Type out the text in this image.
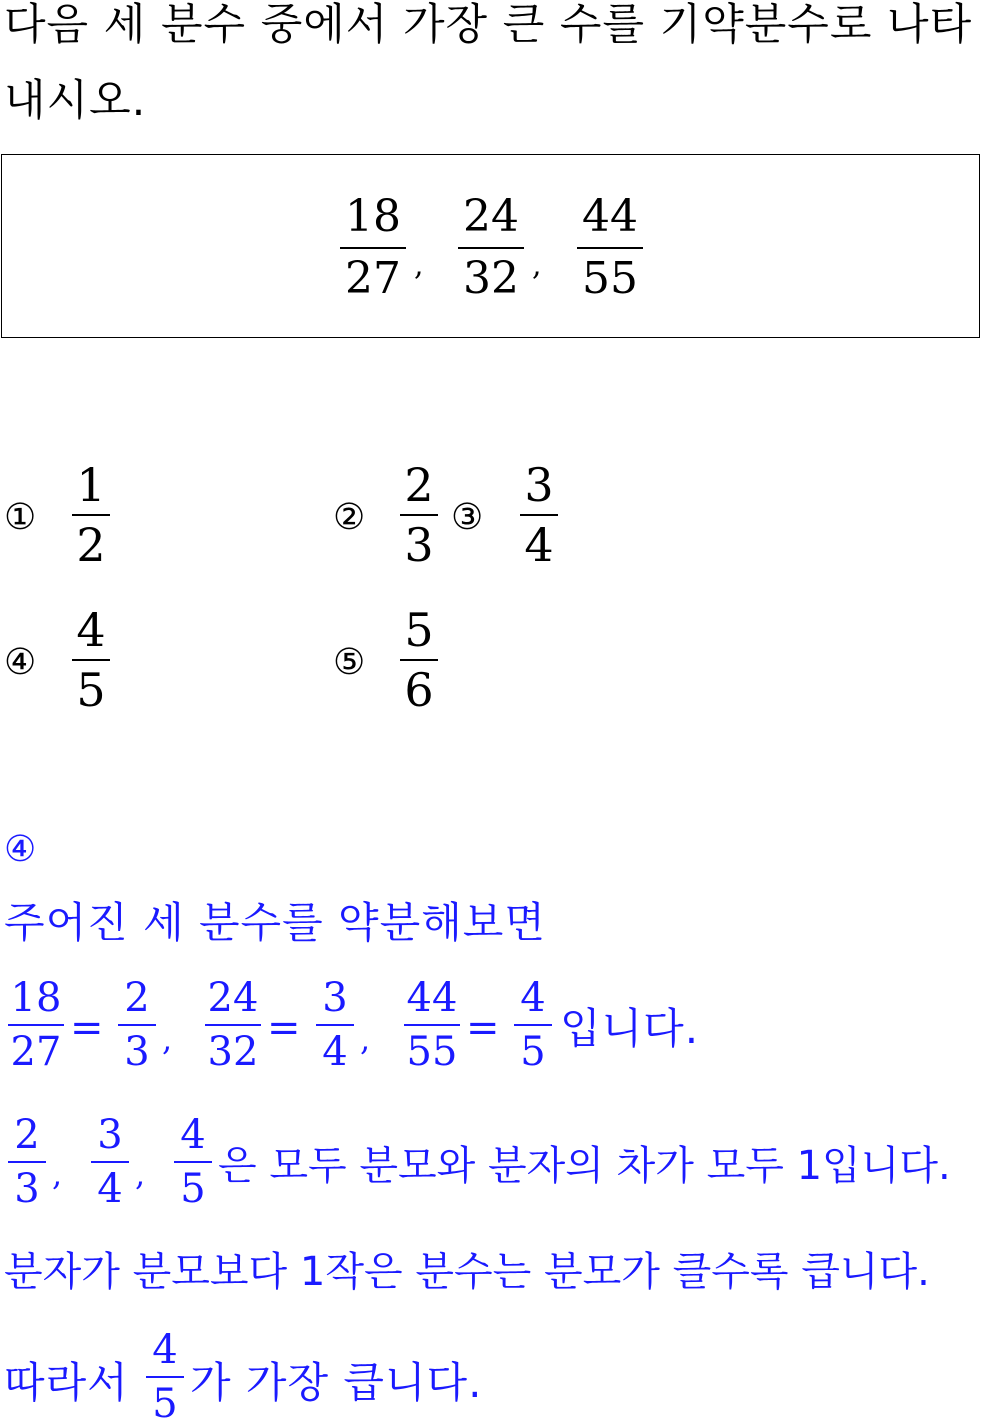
다음 세 분수 중에서 가장 큰 수를 기약분수로 나타
내시오.
18
27 ,
24
32 ,
44
55
①
1
2
②
2
3
③
3
4
④
4
5
⑤
5
6
④
주어진 세 분수를 약분해보면
18
27
=
2
3 ,
24
32
=
3
4 ,
44
55
=
4
5 입니다.
2
3 ,
3
4 ,
4
5 은 모두 분모와 분자의 차가 모두 1입니다.
분자가 분모보다 1작은 분수는 분모가 클수록 큽니다.
따라서
4
5 가 가장 큽니다.
